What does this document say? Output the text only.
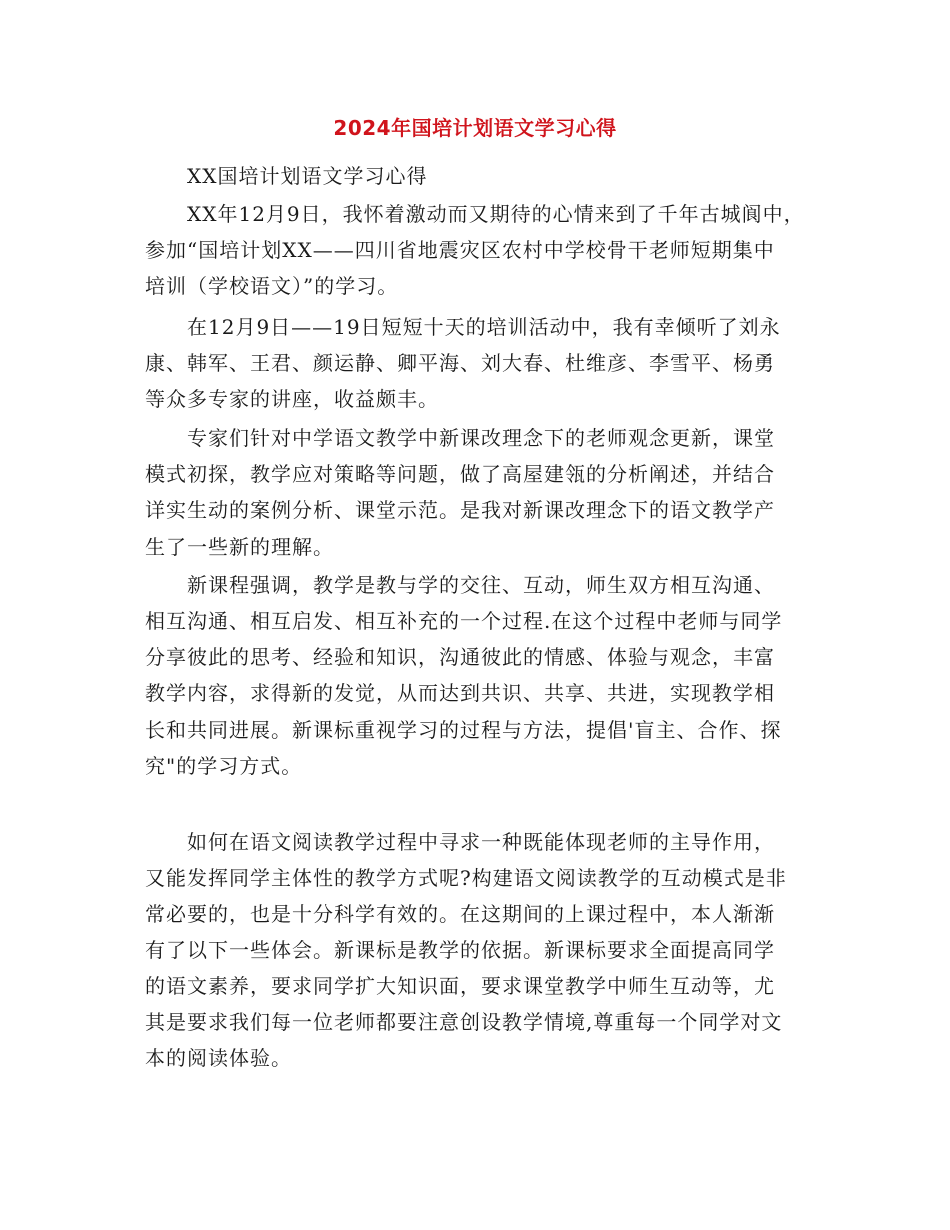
2024年国培计划语文学习心得
XX国培计划语文学习心得
XX年12月9日，我怀着激动而又期待的心情来到了千年古城阆中，
参加“国培计划XX——四川省地震灾区农村中学校骨干老师短期集中
培训（学校语文）”的学习。
在12月9日——19日短短十天的培训活动中，我有幸倾听了刘永
康、韩军、王君、颜运静、卿平海、刘大春、杜维彦、李雪平、杨勇
等众多专家的讲座，收益颇丰。
专家们针对中学语文教学中新课改理念下的老师观念更新，课堂
模式初探，教学应对策略等问题，做了高屋建瓴的分析阐述，并结合
详实生动的案例分析、课堂示范。是我对新课改理念下的语文教学产
生了一些新的理解。
新课程强调，教学是教与学的交往、互动，师生双方相互沟通、
相互沟通、相互启发、相互补充的一个过程.在这个过程中老师与同学
分享彼此的思考、经验和知识，沟通彼此的情感、体验与观念，丰富
教学内容，求得新的发觉，从而达到共识、共享、共进，实现教学相
长和共同进展。新课标重视学习的过程与方法，提倡'盲主、合作、探
究"的学习方式。
如何在语文阅读教学过程中寻求一种既能体现老师的主导作用，
又能发挥同学主体性的教学方式呢?构建语文阅读教学的互动模式是非
常必要的，也是十分科学有效的。在这期间的上课过程中，本人渐渐
有了以下一些体会。新课标是教学的依据。新课标要求全面提高同学
的语文素养，要求同学扩大知识面，要求课堂教学中师生互动等，尤
其是要求我们每一位老师都要注意创设教学情境,尊重每一个同学对文
本的阅读体验。
